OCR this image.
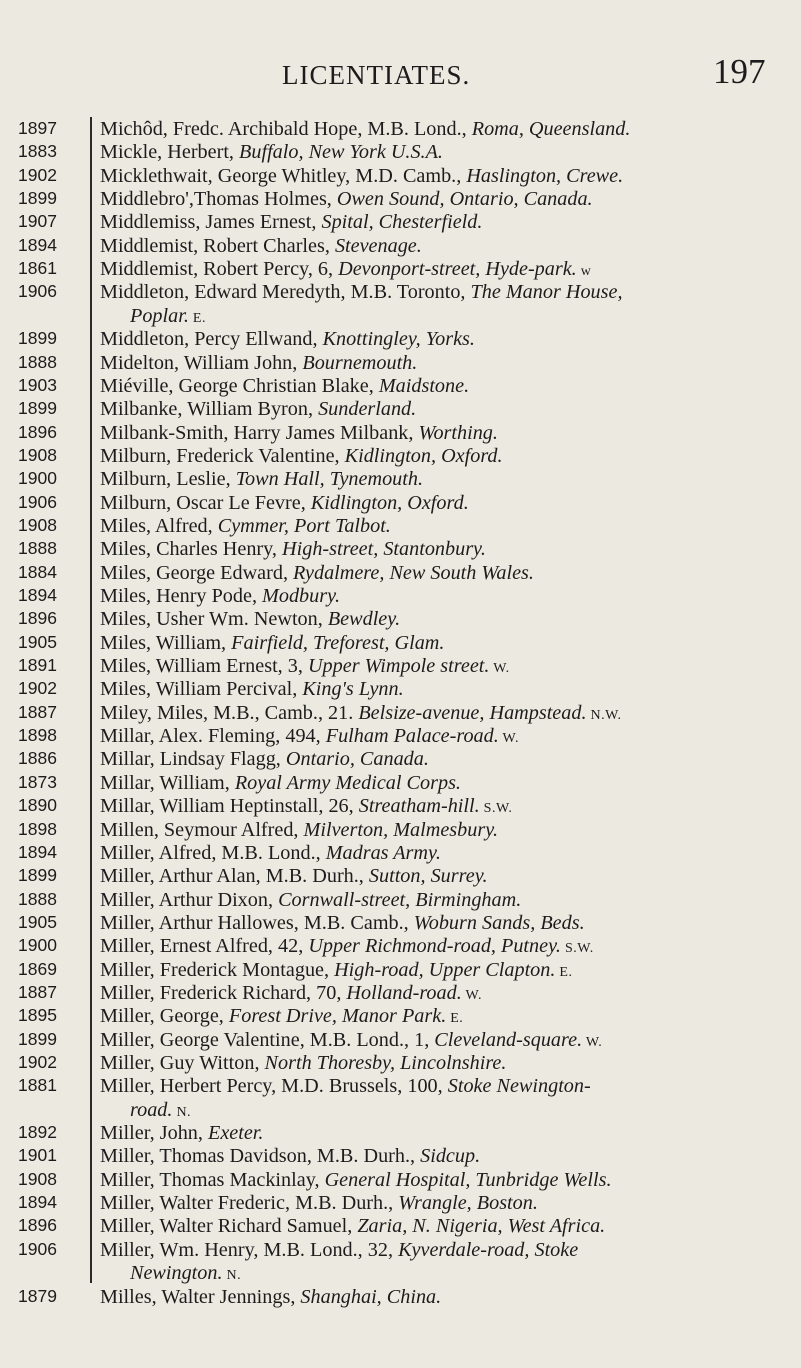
LICENTIATES.	197
1897
1883
1902
1899
1907
1894
1861
1906
1899
1888
1903
1899
1896
1908
1900
1906
1908
1888
1884
1894
1896
1905
1891
1902
1887
1898
1886
1873
1890
1898
1894
1899
1888
1905
1900
1869
1887
1895
1899
1902
1881
1892
1901
1908
1894
1896
1906
1879
Michôd, Fredc. Archibald Hope, M.B. Lond., Roma, Queensland.
Mickle, Herbert, Buffalo, New York U.S.A.
Micklethwait, George Whitley, M.D. Camb., Haslington, Crewe.
Middlebro',Thomas Holmes, Owen Sound, Ontario, Canada.
Middlemiss, James Ernest, Spital, Chesterfield.
Middlemist, Robert Charles, Stevenage.
Middlemist, Robert Percy, 6, Devonport-street, Hyde-park. w
Middleton, Edward Meredyth, M.B. Toronto, The Manor House,
Poplar. E.
Middleton, Percy Ellwand, Knottingley, Yorks.
Midelton, William John, Bournemouth.
Miéville, George Christian Blake, Maidstone.
Milbanke, William Byron, Sunderland.
Milbank-Smith, Harry James Milbank, Worthing.
Milburn, Frederick Valentine, Kidlington, Oxford.
Milburn, Leslie, Town Hall, Tynemouth.
Milburn, Oscar Le Fevre, Kidlington, Oxford.
Miles, Alfred, Cymmer, Port Talbot.
Miles, Charles Henry, High-street, Stantonbury.
Miles, George Edward, Rydalmere, New South Wales.
Miles, Henry Pode, Modbury.
Miles, Usher Wm. Newton, Bewdley.
Miles, William, Fairfield, Treforest, Glam.
Miles, William Ernest, 3, Upper Wimpole street. W.
Miles, William Percival, King's Lynn.
Miley, Miles, M.B., Camb., 21. Belsize-avenue, Hampstead. N.W.
Millar, Alex. Fleming, 494, Fulham Palace-road. W.
Millar, Lindsay Flagg, Ontario, Canada.
Millar, William, Royal Army Medical Corps.
Millar, William Heptinstall, 26, Streatham-hill. S.W.
Millen, Seymour Alfred, Milverton, Malmesbury.
Miller, Alfred, M.B. Lond., Madras Army.
Miller, Arthur Alan, M.B. Durh., Sutton, Surrey.
Miller, Arthur Dixon, Cornwall-street, Birmingham.
Miller, Arthur Hallowes, M.B. Camb., Woburn Sands, Beds.
Miller, Ernest Alfred, 42, Upper Richmond-road, Putney. S.W.
Miller, Frederick Montague, High-road, Upper Clapton. E.
Miller, Frederick Richard, 70, Holland-road. W.
Miller, George, Forest Drive, Manor Park. E.
Miller, George Valentine, M.B. Lond., 1, Cleveland-square. W.
Miller, Guy Witton, North Thoresby, Lincolnshire.
Miller, Herbert Percy, M.D. Brussels, 100, Stoke Newington-
road. N.
Miller, John, Exeter.
Miller, Thomas Davidson, M.B. Durh., Sidcup.
Miller, Thomas Mackinlay, General Hospital, Tunbridge Wells.
Miller, Walter Frederic, M.B. Durh., Wrangle, Boston.
Miller, Walter Richard Samuel, Zaria, N. Nigeria, West Africa.
Miller, Wm. Henry, M.B. Lond., 32, Kyverdale-road, Stoke
Newington. N.
Milles, Walter Jennings, Shanghai, China.
